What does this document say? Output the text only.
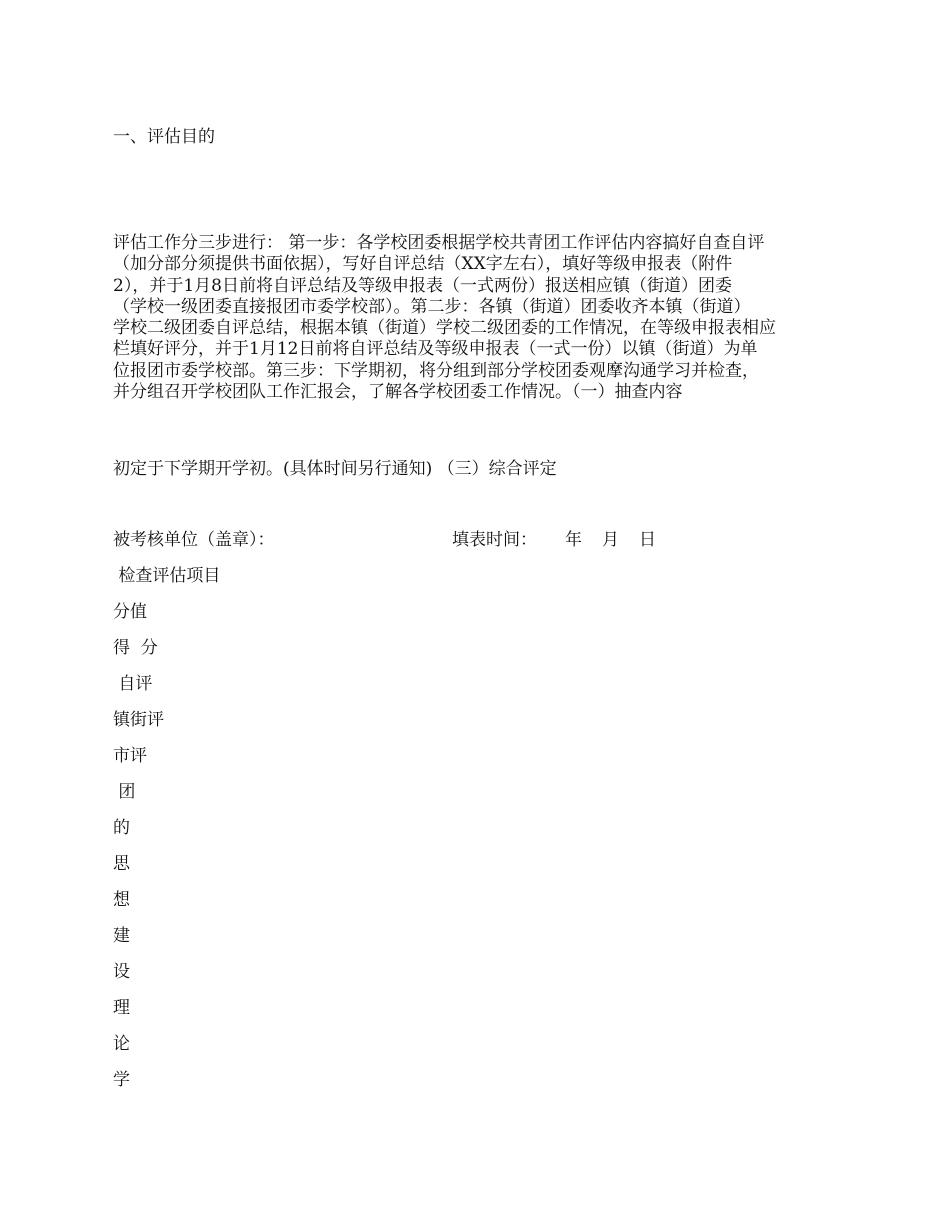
一、评估目的
评估工作分三步进行： 第一步：各学校团委根据学校共青团工作评估内容搞好自查自评
（加分部分须提供书面依据），写好自评总结（XX字左右），填好等级申报表（附件
2），并于1月8日前将自评总结及等级申报表（一式两份）报送相应镇（街道）团委
（学校一级团委直接报团市委学校部）。第二步：各镇（街道）团委收齐本镇（街道）
学校二级团委自评总结，根据本镇（街道）学校二级团委的工作情况，在等级申报表相应
栏填好评分，并于1月12日前将自评总结及等级申报表（一式一份）以镇（街道）为单
位报团市委学校部。第三步：下学期初，将分组到部分学校团委观摩沟通学习并检查，
并分组召开学校团队工作汇报会，了解各学校团委工作情况。（一）抽查内容
初定于下学期开学初。(具体时间另行通知) （三）综合评定
被考核单位（盖章）：	填表时间： 年 月 日
检查评估项目
分值
得  分
自评
镇街评
市评
团
的
思
想
建
设
理
论
学
